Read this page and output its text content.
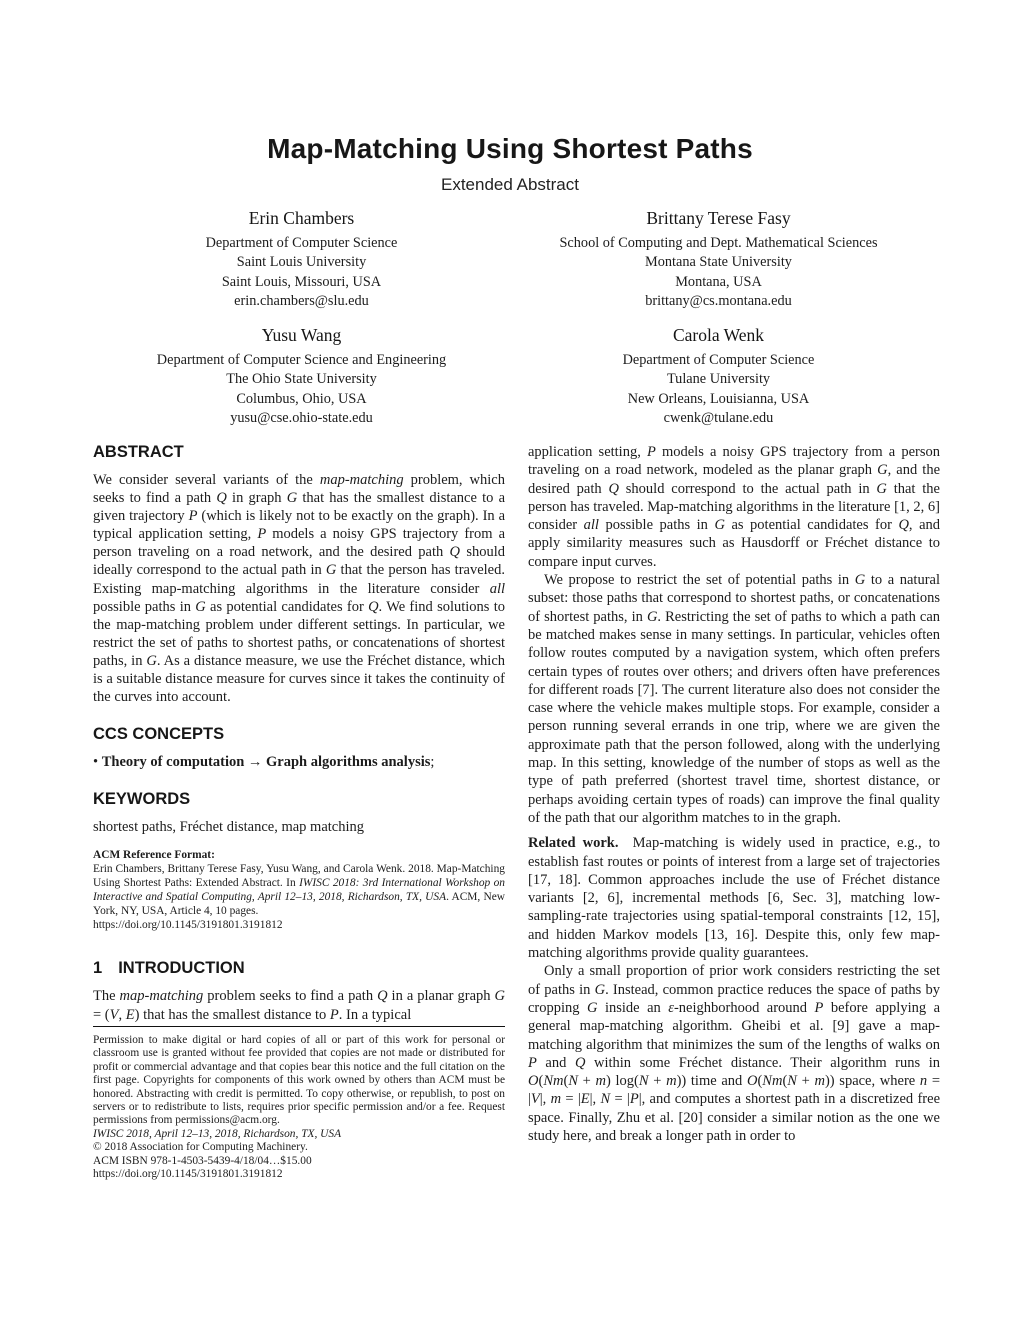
Map-Matching Using Shortest Paths
Extended Abstract
Erin Chambers
Department of Computer Science
Saint Louis University
Saint Louis, Missouri, USA
erin.chambers@slu.edu
Brittany Terese Fasy
School of Computing and Dept. Mathematical Sciences
Montana State University
Montana, USA
brittany@cs.montana.edu
Yusu Wang
Department of Computer Science and Engineering
The Ohio State University
Columbus, Ohio, USA
yusu@cse.ohio-state.edu
Carola Wenk
Department of Computer Science
Tulane University
New Orleans, Louisianna, USA
cwenk@tulane.edu
ABSTRACT
We consider several variants of the map-matching problem, which seeks to find a path Q in graph G that has the smallest distance to a given trajectory P (which is likely not to be exactly on the graph). In a typical application setting, P models a noisy GPS trajectory from a person traveling on a road network, and the desired path Q should ideally correspond to the actual path in G that the person has traveled. Existing map-matching algorithms in the literature consider all possible paths in G as potential candidates for Q. We find solutions to the map-matching problem under different settings. In particular, we restrict the set of paths to shortest paths, or concatenations of shortest paths, in G. As a distance measure, we use the Fréchet distance, which is a suitable distance measure for curves since it takes the continuity of the curves into account.
CCS CONCEPTS
• Theory of computation → Graph algorithms analysis;
KEYWORDS
shortest paths, Fréchet distance, map matching
ACM Reference Format:
Erin Chambers, Brittany Terese Fasy, Yusu Wang, and Carola Wenk. 2018. Map-Matching Using Shortest Paths: Extended Abstract. In IWISC 2018: 3rd International Workshop on Interactive and Spatial Computing, April 12–13, 2018, Richardson, TX, USA. ACM, New York, NY, USA, Article 4, 10 pages.
https://doi.org/10.1145/3191801.3191812
1 INTRODUCTION
The map-matching problem seeks to find a path Q in a planar graph G = (V, E) that has the smallest distance to P. In a typical

application setting, P models a noisy GPS trajectory from a person traveling on a road network, modeled as the planar graph G, and the desired path Q should correspond to the actual path in G that the person has traveled. Map-matching algorithms in the literature [1, 2, 6] consider all possible paths in G as potential candidates for Q, and apply similarity measures such as Hausdorff or Fréchet distance to compare input curves.

We propose to restrict the set of potential paths in G to a natural subset: those paths that correspond to shortest paths, or concatenations of shortest paths, in G. Restricting the set of paths to which a path can be matched makes sense in many settings. In particular, vehicles often follow routes computed by a navigation system, which often prefers certain types of routes over others; and drivers often have preferences for different roads [7]. The current literature also does not consider the case where the vehicle makes multiple stops. For example, consider a person running several errands in one trip, where we are given the approximate path that the person followed, along with the underlying map. In this setting, knowledge of the number of stops as well as the type of path preferred (shortest travel time, shortest distance, or perhaps avoiding certain types of roads) can improve the final quality of the path that our algorithm matches to in the graph.

Related work.  Map-matching is widely used in practice, e.g., to establish fast routes or points of interest from a large set of trajectories [17, 18]. Common approaches include the use of Fréchet distance variants [2, 6], incremental methods [6, Sec. 3], matching low-sampling-rate trajectories using spatial-temporal constraints [12, 15], and hidden Markov models [13, 16]. Despite this, only few map-matching algorithms provide quality guarantees.

Only a small proportion of prior work considers restricting the set of paths in G. Instead, common practice reduces the space of paths by cropping G inside an ε-neighborhood around P before applying a general map-matching algorithm. Gheibi et al. [9] gave a map-matching algorithm that minimizes the sum of the lengths of walks on P and Q within some Fréchet distance. Their algorithm runs in O(Nm(N + m) log(N + m)) time and O(Nm(N + m)) space, where n = |V|, m = |E|, N = |P|, and computes a shortest path in a discretized free space. Finally, Zhu et al. [20] consider a similar notion as the one we study here, and break a longer path in order to

Permission to make digital or hard copies of all or part of this work for personal or classroom use is granted without fee provided that copies are not made or distributed for profit or commercial advantage and that copies bear this notice and the full citation on the first page. Copyrights for components of this work owned by others than ACM must be honored. Abstracting with credit is permitted. To copy otherwise, or republish, to post on servers or to redistribute to lists, requires prior specific permission and/or a fee. Request permissions from permissions@acm.org.
IWISC 2018, April 12–13, 2018, Richardson, TX, USA
© 2018 Association for Computing Machinery.
ACM ISBN 978-1-4503-5439-4/18/04…$15.00
https://doi.org/10.1145/3191801.3191812
